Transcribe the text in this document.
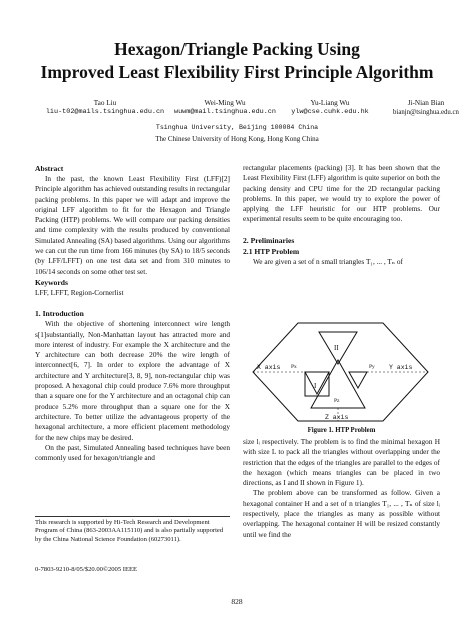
Hexagon/Triangle Packing Using
Improved Least Flexibility First Principle Algorithm
Tao Liu
liu-t02@mails.tsinghua.edu.cn
Wei-Ming Wu
wuwm@mail.tsinghua.edu.cn
Yu-Liang Wu
ylw@cse.cuhk.edu.hk
Ji-Nian Bian
bianjn@tsinghua.edu.cn
Tsinghua University, Beijing 100084 China
The Chinese University of Hong Kong, Hong Kong China

Abstract

In the past, the known Least Flexibility First (LFF)[2] Principle algorithm has achieved outstanding results in rectangular packing problems. In this paper we will adapt and improve the original LFF algorithm to fit for the Hexagon and Triangle Packing (HTP) problems. We will compare our packing densities and time complexity with the results produced by conventional Simulated Annealing (SA) based algorithms. Using our algorithms we can cut the run time from 166 minutes (by SA) to 18/5 seconds (by LFF/LFFT) on one test data set and from 310 minutes to 106/14 seconds on some other test set.

Keywords

LFF, LFFT, Region-Cornerlist

1. Introduction

With the objective of shortening interconnect wire length s[1]substantially, Non-Manhattan layout has attracted more and more interest of industry. For example the X architecture and the Y architecture can both decrease 20% the wire length of interconnect[6, 7]. In order to explore the advantage of X architecture and Y architecture[3, 8, 9], non-rectangular chip was proposed. A hexagonal chip could produce 7.6% more throughput than a square one for the Y architecture and an octagonal chip can produce 5.2% more throughput than a square one for the X architecture. To better utilize the advantageous property of the hexagonal architecture, a more efficient placement methodology for the new chips may be desired.

On the past, Simulated Annealing based techniques have been commonly used for hexagon/triangle and

This research is supported by Hi-Tech Research and Development Program of China (863-2003AA115110) and is also partially supported by the China National Science Foundation (60273011).
0-7803-9210-8/05/$20.00©2005 IEEE

rectangular placements (packing) [3]. It has been shown that the Least Flexibility First (LFF) algorithm is quite superior on both the packing density and CPU time for the 2D rectangular packing problems. In this paper, we would try to explore the power of applying the LFF heuristic for our HTP problems. Our experimental results seem to be quite encouraging too.

2. Preliminaries

2.1 HTP Problem

We are given a set of n small triangles T₁, ... , Tₙ of

X axis	Y axis
Z axis
II
I
Px	Py
Pz
Figure 1. HTP Problem

size lᵢ respectively. The problem is to find the minimal hexagon H with size L to pack all the triangles without overlapping under the restriction that the edges of the triangles are parallel to the edges of the hexagon (which means triangles can be placed in two directions, as I and II shown in Figure 1).

The problem above can be transformed as follow. Given a hexagonal container H and a set of n triangles T₁, ... , Tₙ of size lᵢ respectively, place the triangles as many as possible without overlapping. The hexagonal container H will be resized constantly until we find the

828
